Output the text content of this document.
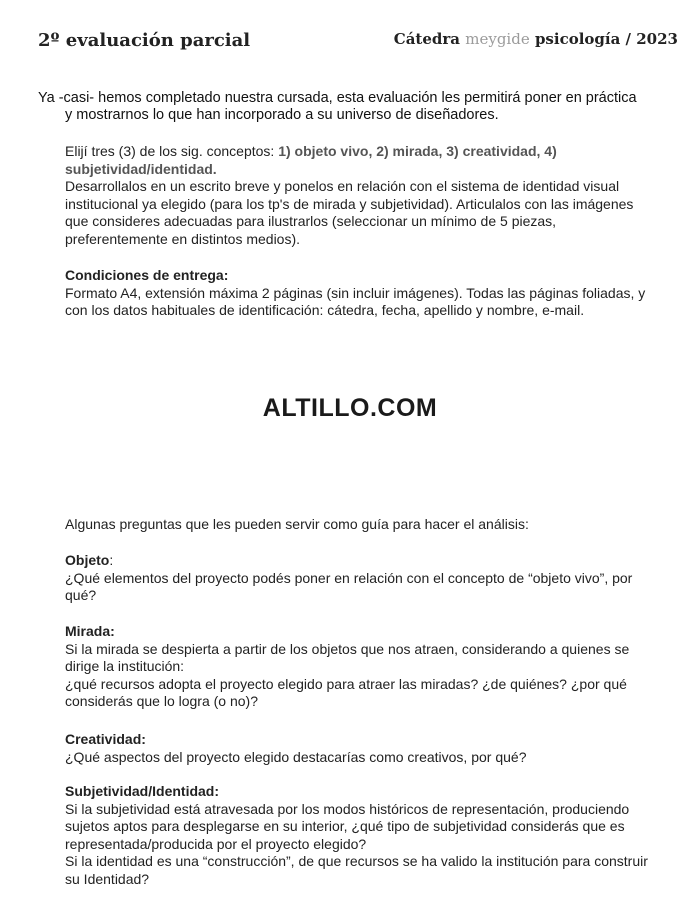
2º evaluación parcial	Cátedra meygide psicología / 2023
Ya -casi- hemos completado nuestra cursada, esta evaluación les permitirá poner en práctica
y mostrarnos lo que han incorporado a su universo de diseñadores.

Elijí tres (3) de los sig. conceptos: 1) objeto vivo, 2) mirada, 3) creatividad, 4) subjetividad/identidad.

Desarrollalos en un escrito breve y ponelos en relación con el sistema de identidad visual institucional ya elegido (para los tp's de mirada y subjetividad). Articulalos con las imágenes que consideres adecuadas para ilustrarlos (seleccionar un mínimo de 5 piezas, preferentemente en distintos medios).

Condiciones de entrega:

Formato A4, extensión máxima 2 páginas (sin incluir imágenes). Todas las páginas foliadas, y con los datos habituales de identificación: cátedra, fecha, apellido y nombre, e-mail.

ALTILLO.COM
Algunas preguntas que les pueden servir como guía para hacer el análisis:

Objeto:

¿Qué elementos del proyecto podés poner en relación con el concepto de “objeto vivo”, por qué?

Mirada:

Si la mirada se despierta a partir de los objetos que nos atraen, considerando a quienes se dirige la institución:

¿qué recursos adopta el proyecto elegido para atraer las miradas? ¿de quiénes? ¿por qué considerás que lo logra (o no)?

Creatividad:

¿Qué aspectos del proyecto elegido destacarías como creativos, por qué?

Subjetividad/Identidad:

Si la subjetividad está atravesada por los modos históricos de representación, produciendo sujetos aptos para desplegarse en su interior, ¿qué tipo de subjetividad considerás que es representada/producida por el proyecto elegido?

Si la identidad es una “construcción”, de que recursos se ha valido la institución para construir su Identidad?
